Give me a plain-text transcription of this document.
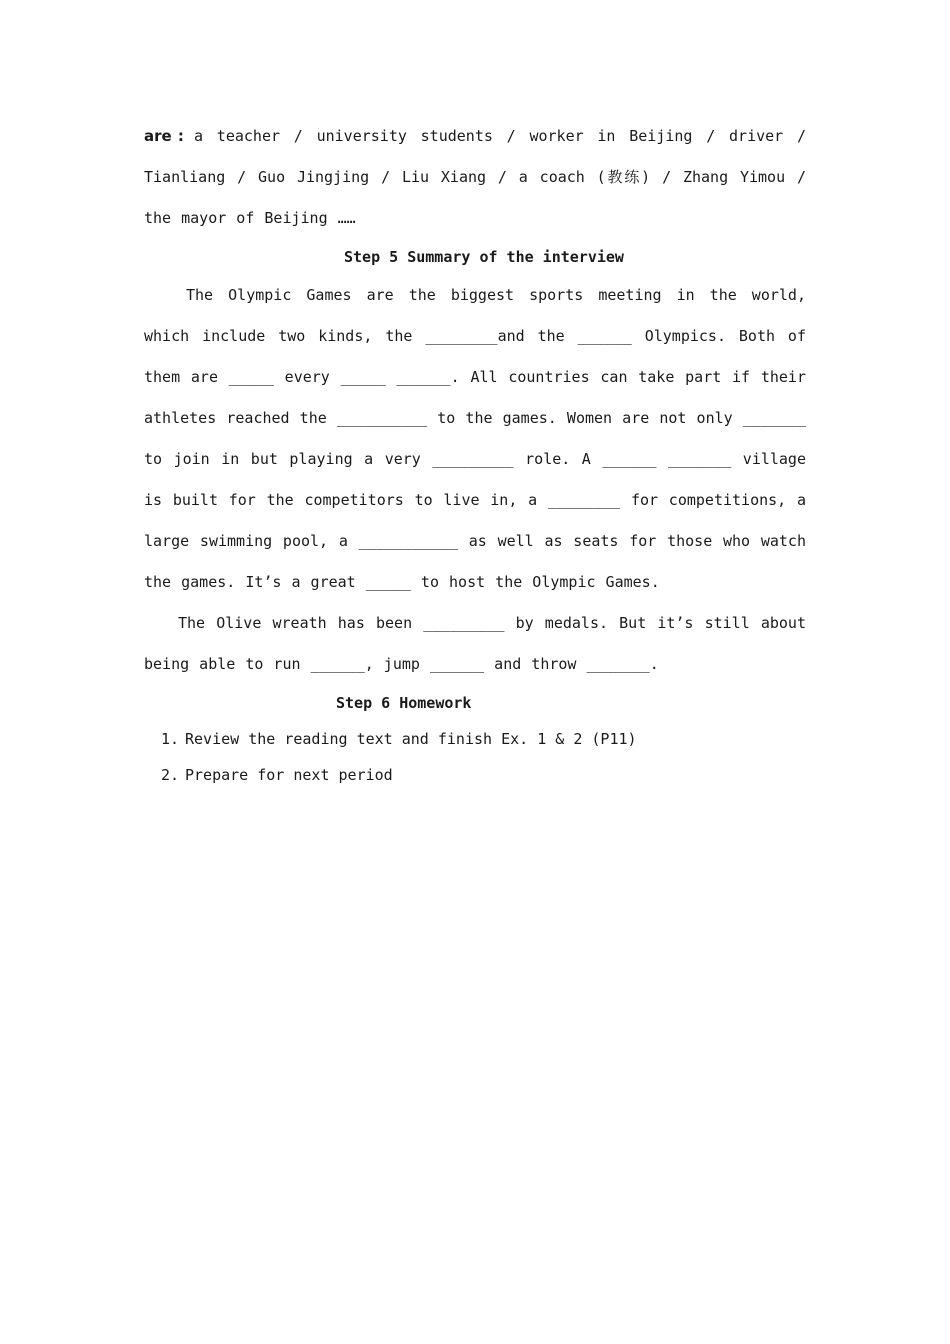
are : a teacher / university students / worker in Beijing / driver / Tianliang / Guo Jingjing / Liu Xiang / a coach (教练) / Zhang Yimou / the mayor of Beijing ……

Step 5 Summary of the interview

The Olympic Games are the biggest sports meeting in the world, which include two kinds, the ________and the ______ Olympics. Both of them are _____ every _____ ______. All countries can take part if their athletes reached the __________ to the games. Women are not only _______ to join in but playing a very _________ role. A ______ _______ village is built for the competitors to live in, a ________ for competitions, a large swimming pool, a ___________ as well as seats for those who watch the games. It’s a great _____ to host the Olympic Games.

The Olive wreath has been _________ by medals. But it’s still about being able to run ______, jump ______ and throw _______.

Step 6 Homework

1. Review the reading text and finish Ex. 1 & 2 (P11)
2. Prepare for next period
